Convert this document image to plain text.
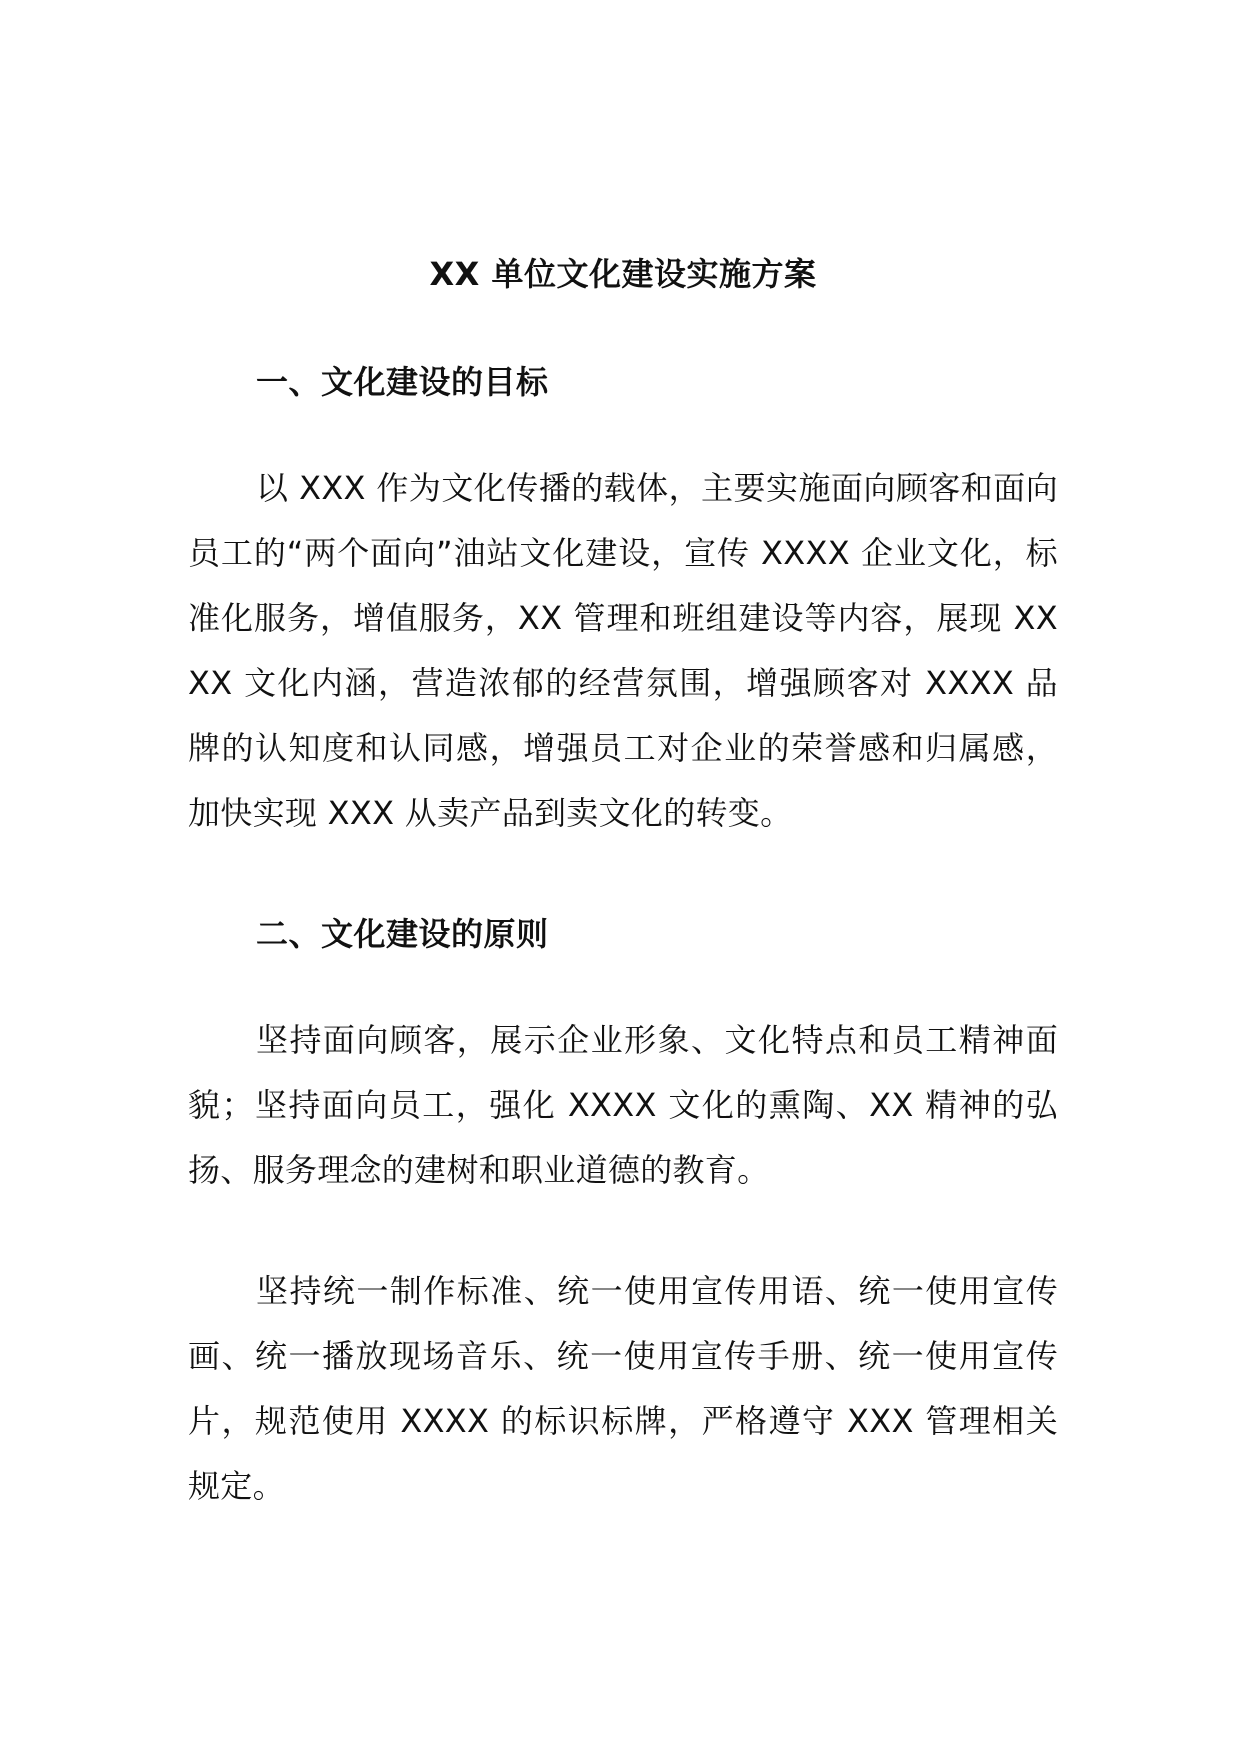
XX 单位文化建设实施方案
一、文化建设的目标

以 XXX 作为文化传播的载体，主要实施面向顾客和面向员工的“两个面向”油站文化建设，宣传 XXXX 企业文化，标准化服务，增值服务，XX 管理和班组建设等内容，展现 XXXX 文化内涵，营造浓郁的经营氛围，增强顾客对 XXXX 品牌的认知度和认同感，增强员工对企业的荣誉感和归属感，加快实现 XXX 从卖产品到卖文化的转变。

二、文化建设的原则

坚持面向顾客，展示企业形象、文化特点和员工精神面貌；坚持面向员工，强化 XXXX 文化的熏陶、XX 精神的弘扬、服务理念的建树和职业道德的教育。

坚持统一制作标准、统一使用宣传用语、统一使用宣传画、统一播放现场音乐、统一使用宣传手册、统一使用宣传片，规范使用 XXXX 的标识标牌，严格遵守 XXX 管理相关规定。
